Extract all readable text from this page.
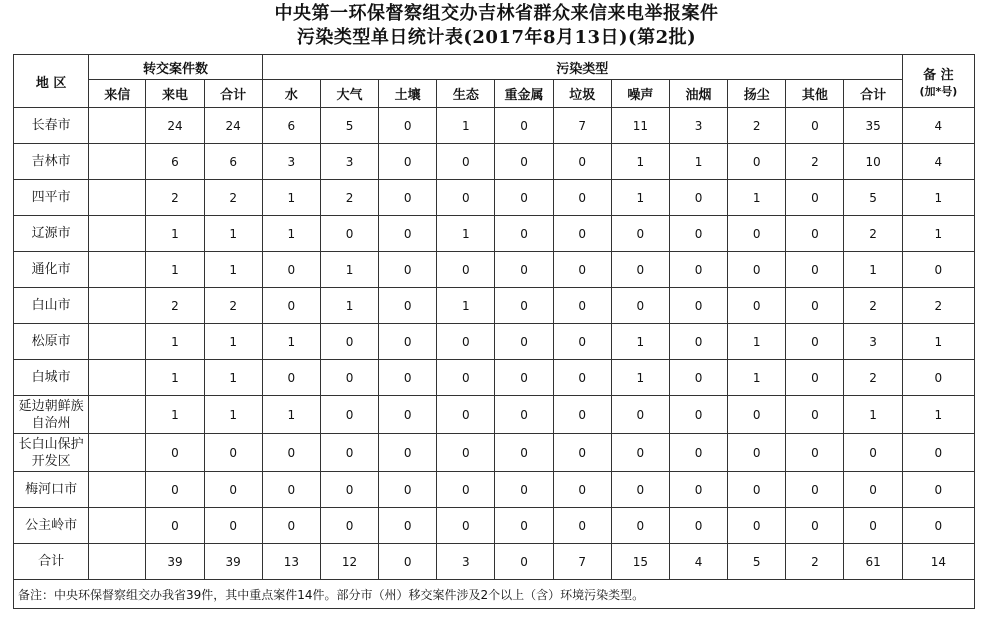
中央第一环保督察组交办吉林省群众来信来电举报案件
污染类型单日统计表(2017年8月13日)(第2批)
地 区	转交案件数			污染类型											备 注
(加*号)

	来信	来电	合计	水	大气	土壤	生态	重金属	垃圾	噪声	油烟	扬尘	其他	合计	
长春市		24	24	6	5	0	1	0	7	11	3	2	0	35	4
吉林市		6	6	3	3	0	0	0	0	1	1	0	2	10	4
四平市		2	2	1	2	0	0	0	0	1	0	1	0	5	1
辽源市		1	1	1	0	0	1	0	0	0	0	0	0	2	1
通化市		1	1	0	1	0	0	0	0	0	0	0	0	1	0
白山市		2	2	0	1	0	1	0	0	0	0	0	0	2	2
松原市		1	1	1	0	0	0	0	0	1	0	1	0	3	1
白城市		1	1	0	0	0	0	0	0	1	0	1	0	2	0
延边朝鲜族自治州		1	1	1	0	0	0	0	0	0	0	0	0	1	1
长白山保护开发区		0	0	0	0	0	0	0	0	0	0	0	0	0	0
梅河口市		0	0	0	0	0	0	0	0	0	0	0	0	0	0
公主岭市		0	0	0	0	0	0	0	0	0	0	0	0	0	0
合计		39	39	13	12	0	3	0	7	15	4	5	2	61	14
备注：中央环保督察组交办我省39件，其中重点案件14件。部分市（州）移交案件涉及2个以上（含）环境污染类型。															
